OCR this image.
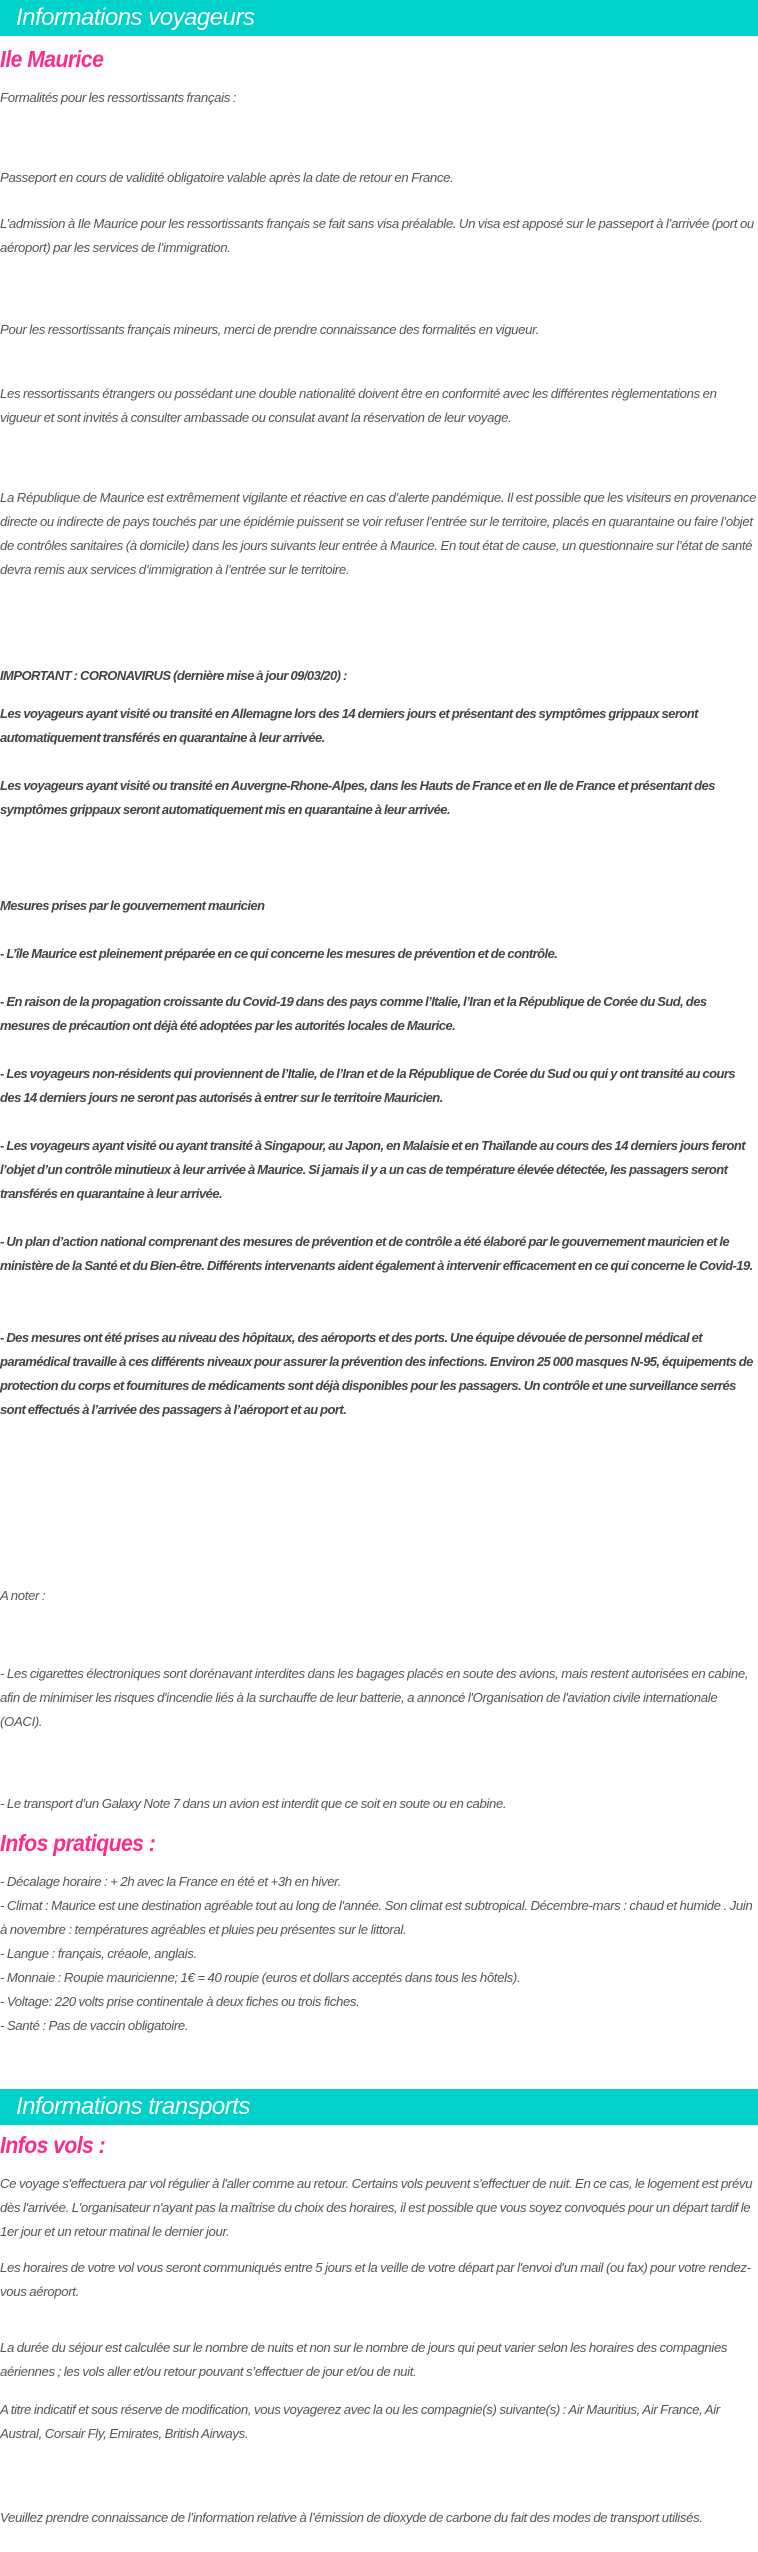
Informations voyageurs
Ile Maurice

Formalités pour les ressortissants français :

Passeport en cours de validité obligatoire valable après la date de retour en France.

L’admission à Ile Maurice pour les ressortissants français se fait sans visa préalable. Un visa est apposé sur le passeport à l’arrivée (port ou aéroport) par les services de l’immigration.

Pour les ressortissants français mineurs, merci de prendre connaissance des formalités en vigueur.

Les ressortissants étrangers ou possédant une double nationalité doivent être en conformité avec les différentes règlementations en vigueur et sont invités à consulter ambassade ou consulat avant la réservation de leur voyage.

La République de Maurice est extrêmement vigilante et réactive en cas d’alerte pandémique. Il est possible que les visiteurs en provenance directe ou indirecte de pays touchés par une épidémie puissent se voir refuser l’entrée sur le territoire, placés en quarantaine ou faire l’objet de contrôles sanitaires (à domicile) dans les jours suivants leur entrée à Maurice. En tout état de cause, un questionnaire sur l’état de santé devra remis aux services d’immigration à l’entrée sur le territoire.

IMPORTANT : CORONAVIRUS (dernière mise à jour 09/03/20) :

Les voyageurs ayant visité ou transité en Allemagne lors des 14 derniers jours et présentant des symptômes grippaux seront automatiquement transférés en quarantaine à leur arrivée.

Les voyageurs ayant visité ou transité en Auvergne-Rhone-Alpes, dans les Hauts de France et en Ile de France et présentant des symptômes grippaux seront automatiquement mis en quarantaine à leur arrivée.

Mesures prises par le gouvernement mauricien

- L’île Maurice est pleinement préparée en ce qui concerne les mesures de prévention et de contrôle.

- En raison de la propagation croissante du Covid-19 dans des pays comme l’Italie, l’Iran et la République de Corée du Sud, des mesures de précaution ont déjà été adoptées par les autorités locales de Maurice.

- Les voyageurs non-résidents qui proviennent de l’Italie, de l’Iran et de la République de Corée du Sud ou qui y ont transité au cours des 14 derniers jours ne seront pas autorisés à entrer sur le territoire Mauricien.

- Les voyageurs ayant visité ou ayant transité à Singapour, au Japon, en Malaisie et en Thaïlande au cours des 14 derniers jours feront l’objet d’un contrôle minutieux à leur arrivée à Maurice. Si jamais il y a un cas de température élevée détectée, les passagers seront transférés en quarantaine à leur arrivée.

- Un plan d’action national comprenant des mesures de prévention et de contrôle a été élaboré par le gouvernement mauricien et le ministère de la Santé et du Bien-être. Différents intervenants aident également à intervenir efficacement en ce qui concerne le Covid-19.

- Des mesures ont été prises au niveau des hôpitaux, des aéroports et des ports. Une équipe dévouée de personnel médical et paramédical travaille à ces différents niveaux pour assurer la prévention des infections. Environ 25 000 masques N-95, équipements de protection du corps et fournitures de médicaments sont déjà disponibles pour les passagers. Un contrôle et une surveillance serrés sont effectués à l’arrivée des passagers à l’aéroport et au port.

A noter :

- Les cigarettes électroniques sont dorénavant interdites dans les bagages placés en soute des avions, mais restent autorisées en cabine, afin de minimiser les risques d'incendie liés à la surchauffe de leur batterie, a annoncé l'Organisation de l'aviation civile internationale (OACI).

- Le transport d’un Galaxy Note 7 dans un avion est interdit que ce soit en soute ou en cabine.

Infos pratiques :

- Décalage horaire : + 2h avec la France en été et +3h en hiver.

- Climat : Maurice est une destination agréable tout au long de l'année. Son climat est subtropical. Décembre-mars : chaud et humide . Juin à novembre : températures agréables et pluies peu présentes sur le littoral.

- Langue : français, créaole, anglais.

- Monnaie : Roupie mauricienne; 1€ = 40 roupie (euros et dollars acceptés dans tous les hôtels).

- Voltage: 220 volts prise continentale à deux fiches ou trois fiches.

- Santé : Pas de vaccin obligatoire.

Informations transports
Infos vols :

Ce voyage s'effectuera par vol régulier à l'aller comme au retour. Certains vols peuvent s'effectuer de nuit. En ce cas, le logement est prévu dès l'arrivée. L'organisateur n'ayant pas la maîtrise du choix des horaires, il est possible que vous soyez convoqués pour un départ tardif le 1er jour et un retour matinal le dernier jour.

Les horaires de votre vol vous seront communiqués entre 5 jours et la veille de votre départ par l'envoi d'un mail (ou fax) pour votre rendez-vous aéroport.

La durée du séjour est calculée sur le nombre de nuits et non sur le nombre de jours qui peut varier selon les horaires des compagnies aériennes ; les vols aller et/ou retour pouvant s’effectuer de jour et/ou de nuit.

A titre indicatif et sous réserve de modification, vous voyagerez avec la ou les compagnie(s) suivante(s) : Air Mauritius, Air France, Air Austral, Corsair Fly, Emirates, British Airways.

Veuillez prendre connaissance de l’information relative à l’émission de dioxyde de carbone du fait des modes de transport utilisés.
